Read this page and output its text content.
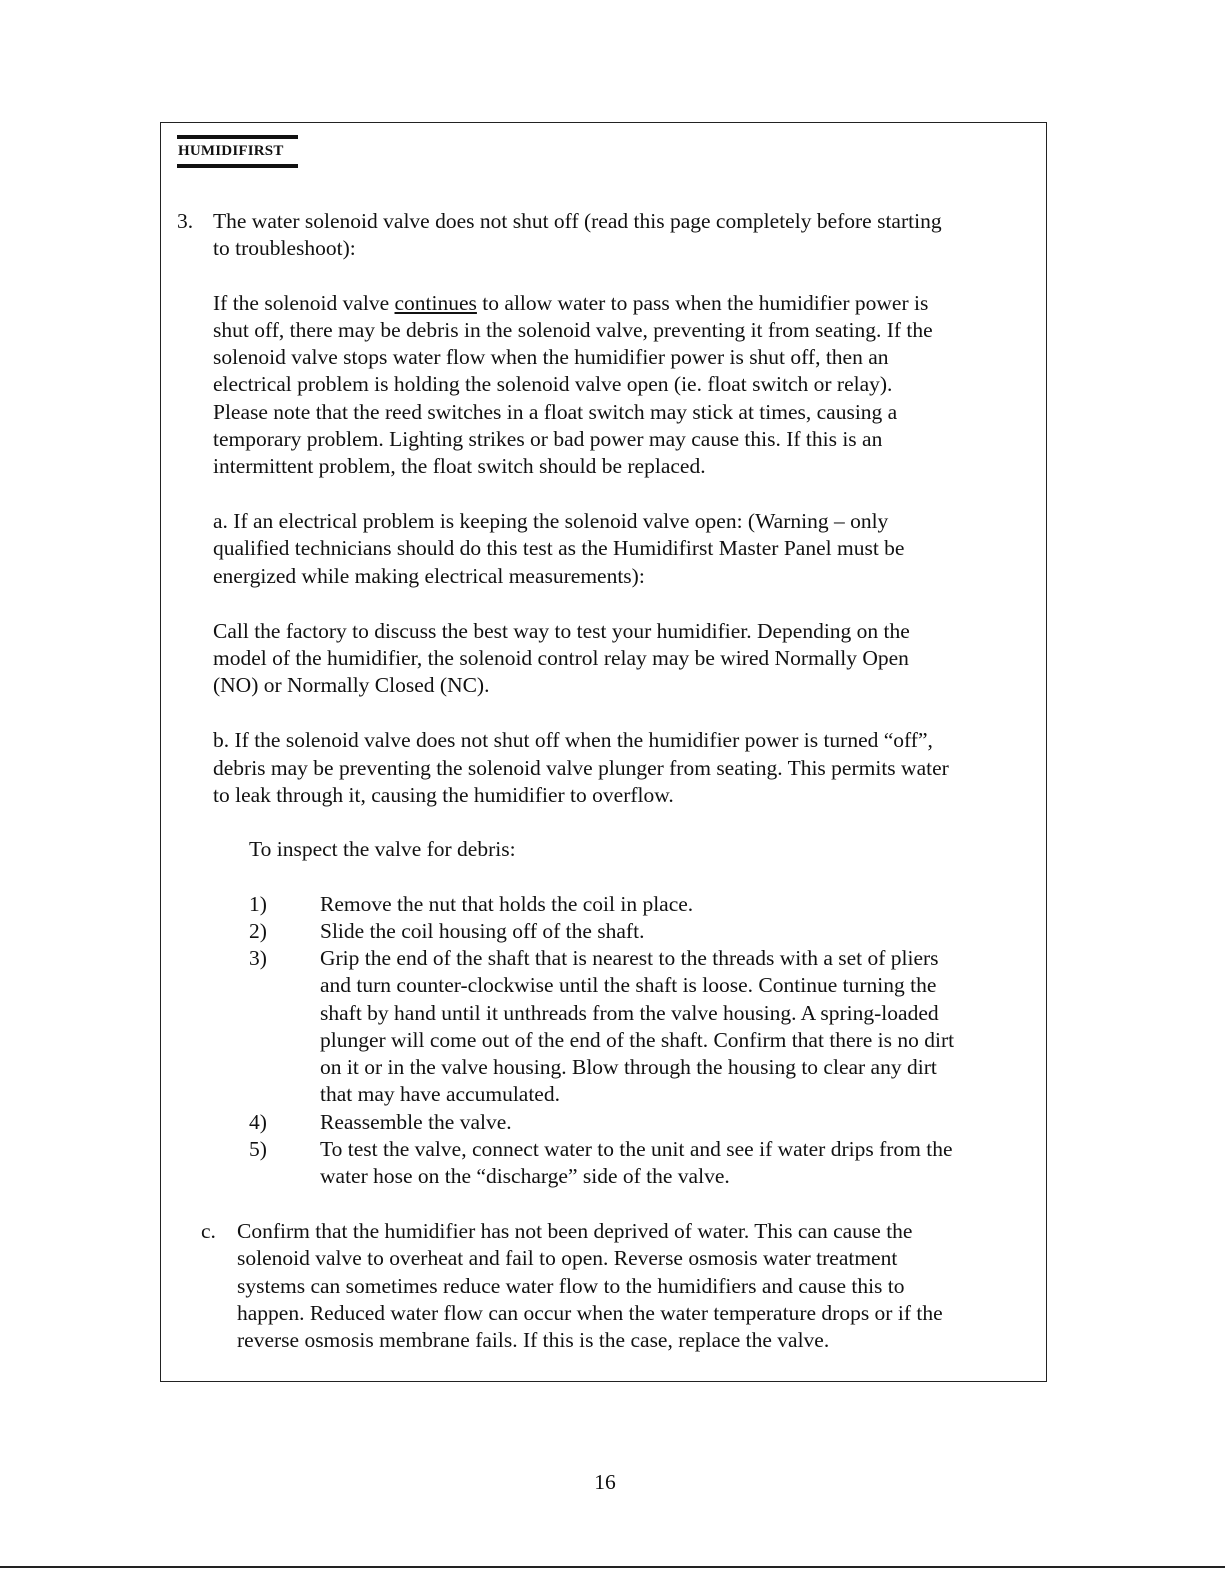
HUMIDIFIRST
3. The water solenoid valve does not shut off (read this page completely before starting

to troubleshoot):

If the solenoid valve continues to allow water to pass when the humidifier power is

shut off, there may be debris in the solenoid valve, preventing it from seating. If the

solenoid valve stops water flow when the humidifier power is shut off, then an

electrical problem is holding the solenoid valve open (ie. float switch or relay).

Please note that the reed switches in a float switch may stick at times, causing a

temporary problem. Lighting strikes or bad power may cause this. If this is an

intermittent problem, the float switch should be replaced.

a. If an electrical problem is keeping the solenoid valve open: (Warning – only

qualified technicians should do this test as the Humidifirst Master Panel must be

energized while making electrical measurements):

Call the factory to discuss the best way to test your humidifier. Depending on the

model of the humidifier, the solenoid control relay may be wired Normally Open

(NO) or Normally Closed (NC).

b. If the solenoid valve does not shut off when the humidifier power is turned “off”,

debris may be preventing the solenoid valve plunger from seating. This permits water

to leak through it, causing the humidifier to overflow.

To inspect the valve for debris:

1) Remove the nut that holds the coil in place.

2) Slide the coil housing off of the shaft.

3) Grip the end of the shaft that is nearest to the threads with a set of pliers

and turn counter-clockwise until the shaft is loose. Continue turning the

shaft by hand until it unthreads from the valve housing. A spring-loaded

plunger will come out of the end of the shaft. Confirm that there is no dirt

on it or in the valve housing. Blow through the housing to clear any dirt

that may have accumulated.

4) Reassemble the valve.

5) To test the valve, connect water to the unit and see if water drips from the

water hose on the “discharge” side of the valve.

c. Confirm that the humidifier has not been deprived of water. This can cause the

solenoid valve to overheat and fail to open. Reverse osmosis water treatment

systems can sometimes reduce water flow to the humidifiers and cause this to

happen. Reduced water flow can occur when the water temperature drops or if the

reverse osmosis membrane fails. If this is the case, replace the valve.

16
